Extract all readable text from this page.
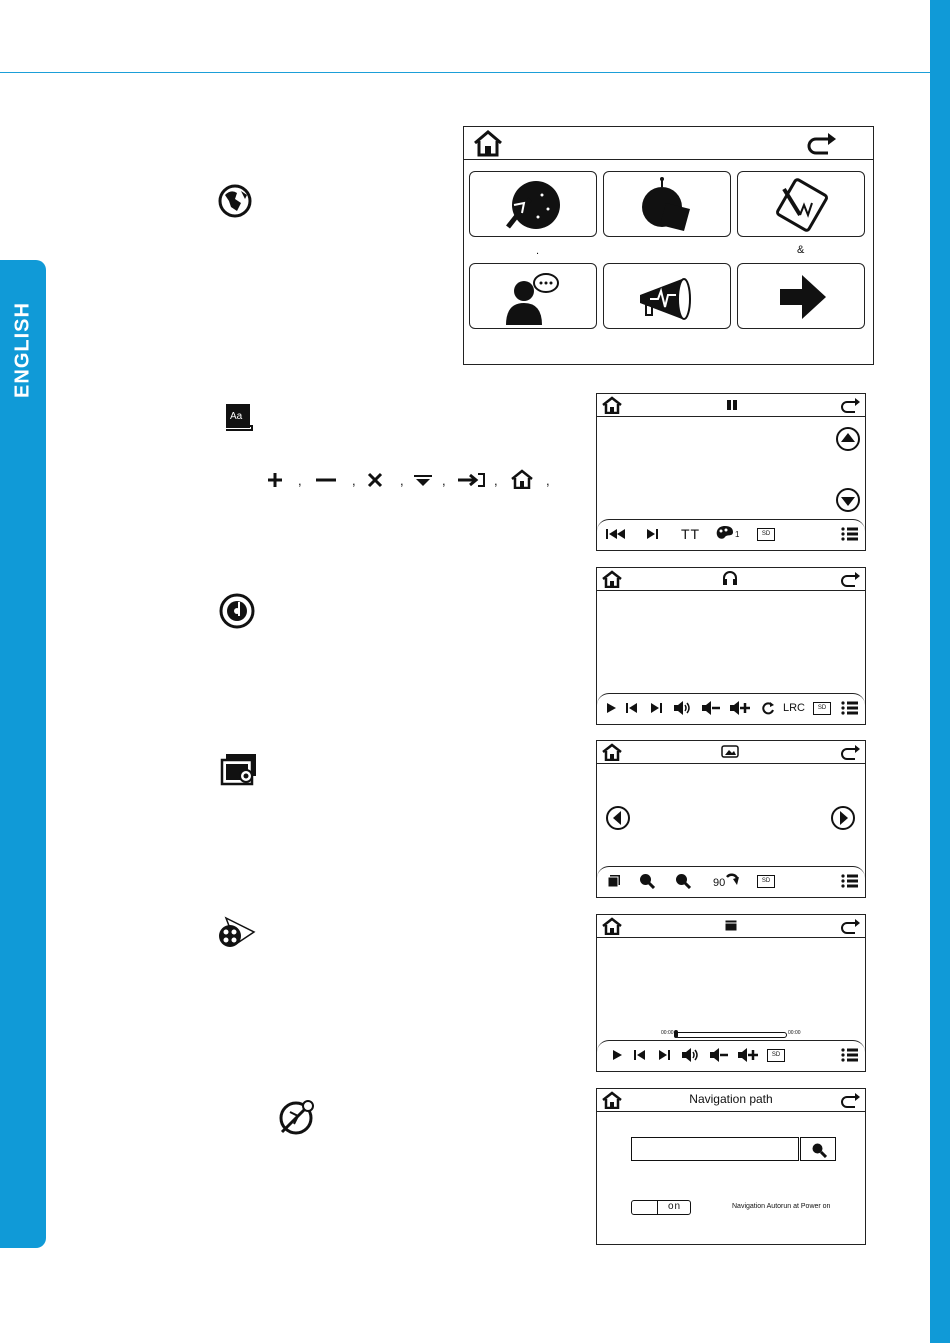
ENGLISH
.	&
Aa
,	,	,	,	,	,
TT	1	SD
LRC	SD
90	SD
00:00	00:00
SD
Navigation path
on	Navigation Autorun at Power on
